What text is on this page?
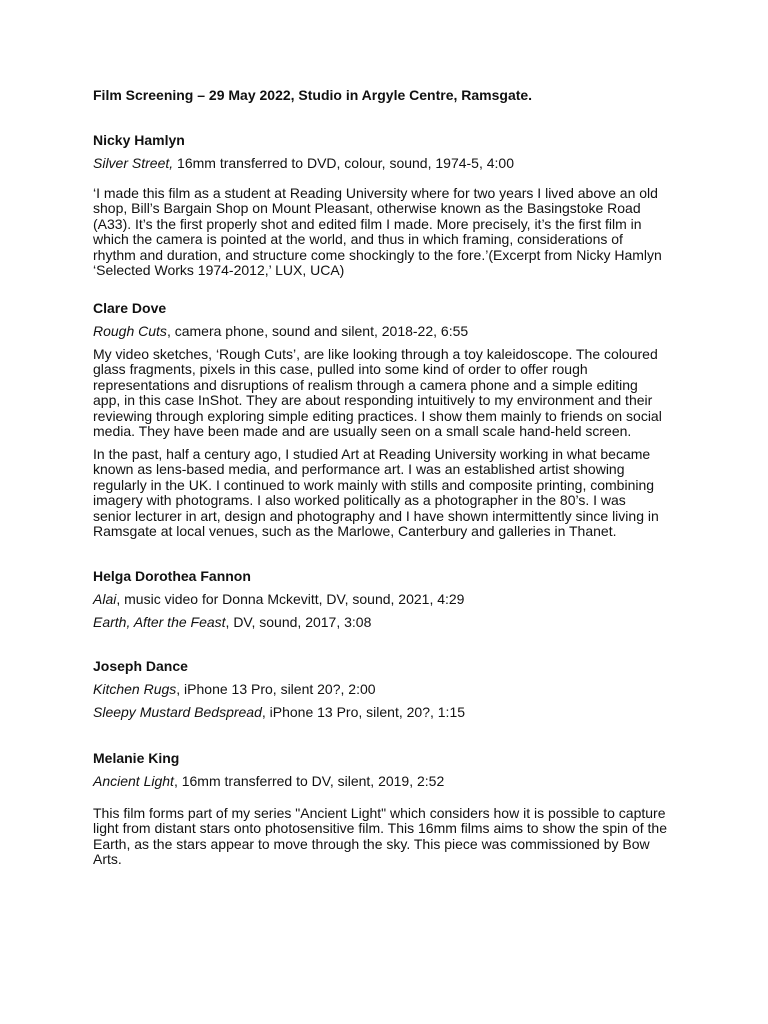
Film Screening – 29 May 2022, Studio in Argyle Centre, Ramsgate.

Nicky Hamlyn

Silver Street, 16mm transferred to DVD, colour, sound, 1974-5, 4:00

‘I made this film as a student at Reading University where for two years I lived above an old
shop, Bill’s Bargain Shop on Mount Pleasant, otherwise known as the Basingstoke Road
(A33). It’s the first properly shot and edited film I made. More precisely, it’s the first film in
which the camera is pointed at the world, and thus in which framing, considerations of
rhythm and duration, and structure come shockingly to the fore.’(Excerpt from Nicky Hamlyn
‘Selected Works 1974-2012,’ LUX, UCA)

Clare Dove

Rough Cuts, camera phone, sound and silent, 2018-22, 6:55

My video sketches, ‘Rough Cuts’, are like looking through a toy kaleidoscope. The coloured
glass fragments, pixels in this case, pulled into some kind of order to offer rough
representations and disruptions of realism through a camera phone and a simple editing
app, in this case InShot. They are about responding intuitively to my environment and their
reviewing through exploring simple editing practices. I show them mainly to friends on social
media. They have been made and are usually seen on a small scale hand-held screen.
In the past, half a century ago, I studied Art at Reading University working in what became
known as lens-based media, and performance art. I was an established artist showing
regularly in the UK. I continued to work mainly with stills and composite printing, combining
imagery with photograms. I also worked politically as a photographer in the 80’s. I was
senior lecturer in art, design and photography and I have shown intermittently since living in
Ramsgate at local venues, such as the Marlowe, Canterbury and galleries in Thanet.

Helga Dorothea Fannon

Alai, music video for Donna Mckevitt, DV, sound, 2021, 4:29

Earth, After the Feast, DV, sound, 2017, 3:08

Joseph Dance

Kitchen Rugs, iPhone 13 Pro, silent 20?, 2:00

Sleepy Mustard Bedspread, iPhone 13 Pro, silent, 20?, 1:15

Melanie King

Ancient Light, 16mm transferred to DV, silent, 2019, 2:52

This film forms part of my series "Ancient Light" which considers how it is possible to capture
light from distant stars onto photosensitive film. This 16mm films aims to show the spin of the
Earth, as the stars appear to move through the sky. This piece was commissioned by Bow
Arts.
